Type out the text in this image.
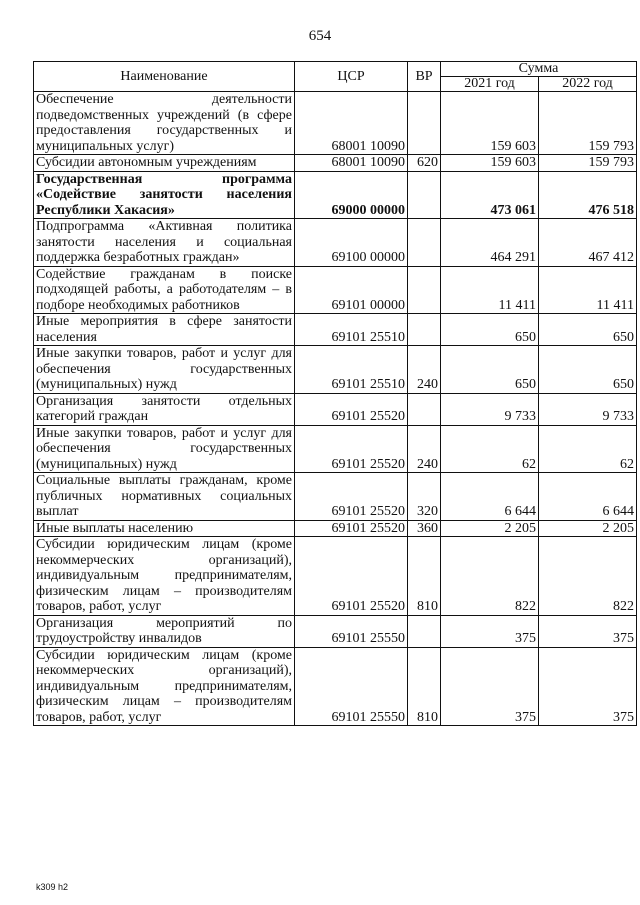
654
Наименование	ЦСР	ВР	Сумма	
			2021 год	2022 год
Обеспечение деятельности подведомственных учреждений (в сфере предоставления государственных и муниципальных услуг)	68001 10090		159 603	159 793
Субсидии автономным учреждениям	68001 10090	620	159 603	159 793
Государственная программа «Содействие занятости населения Республики Хакасия»	69000 00000		473 061	476 518
Подпрограмма «Активная политика занятости населения и социальная поддержка безработных граждан»	69100 00000		464 291	467 412
Содействие гражданам в поиске подходящей работы, а работодателям – в подборе необходимых работников	69101 00000		11 411	11 411
Иные мероприятия в сфере занятости населения	69101 25510		650	650
Иные закупки товаров, работ и услуг для обеспечения государственных (муниципальных) нужд	69101 25510	240	650	650
Организация занятости отдельных категорий граждан	69101 25520		9 733	9 733
Иные закупки товаров, работ и услуг для обеспечения государственных (муниципальных) нужд	69101 25520	240	62	62
Социальные выплаты гражданам, кроме публичных нормативных социальных выплат	69101 25520	320	6 644	6 644
Иные выплаты населению	69101 25520	360	2 205	2 205
Субсидии юридическим лицам (кроме некоммерческих организаций), индивидуальным предпринимателям, физическим лицам – производителям товаров, работ, услуг	69101 25520	810	822	822
Организация мероприятий по трудоустройству инвалидов	69101 25550		375	375
Субсидии юридическим лицам (кроме некоммерческих организаций), индивидуальным предпринимателям, физическим лицам – производителям товаров, работ, услуг	69101 25550	810	375	375
k309 h2
